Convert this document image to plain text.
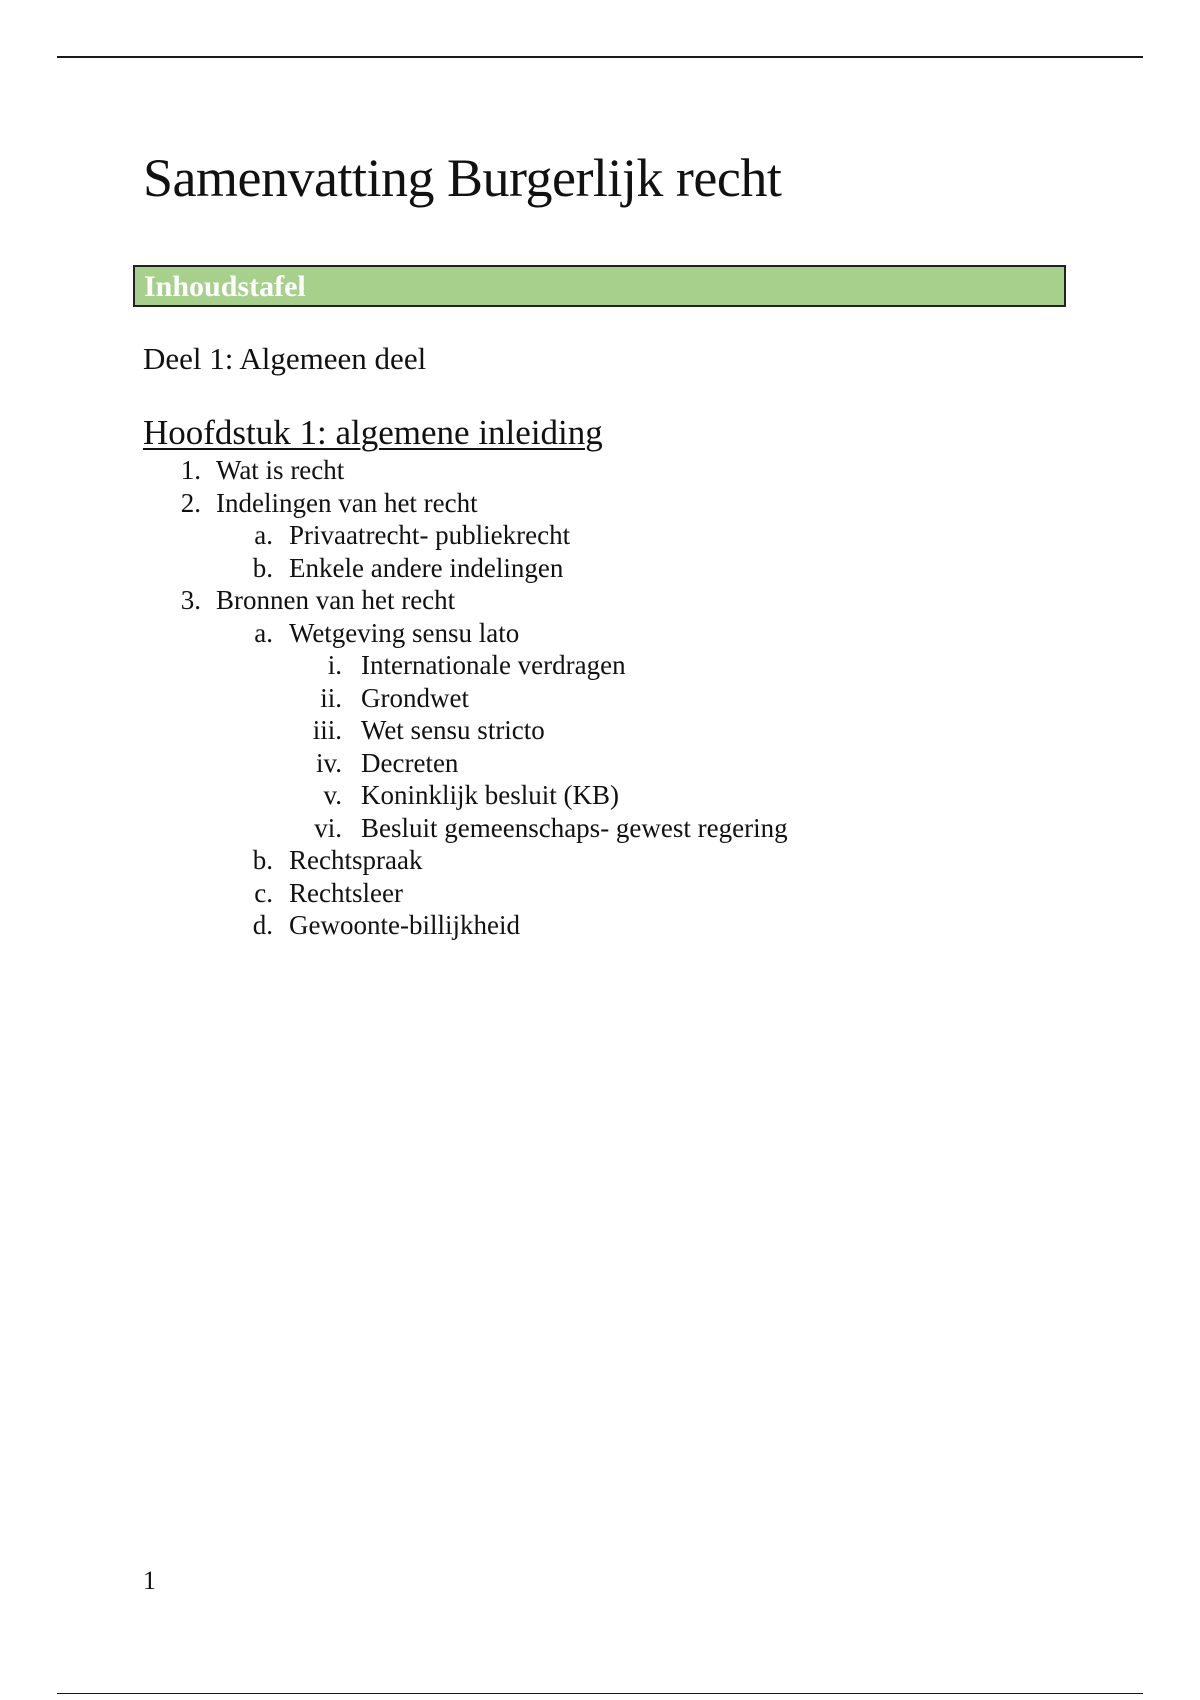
Samenvatting Burgerlijk recht
Inhoudstafel
Deel 1: Algemeen deel
Hoofdstuk 1: algemene inleiding
1. Wat is recht
2. Indelingen van het recht
a. Privaatrecht- publiekrecht
b. Enkele andere indelingen
3. Bronnen van het recht
a. Wetgeving sensu lato
i. Internationale verdragen
ii. Grondwet
iii. Wet sensu stricto
iv. Decreten
v. Koninklijk besluit (KB)
vi. Besluit gemeenschaps- gewest regering
b. Rechtspraak
c. Rechtsleer
d. Gewoonte-billijkheid
1
